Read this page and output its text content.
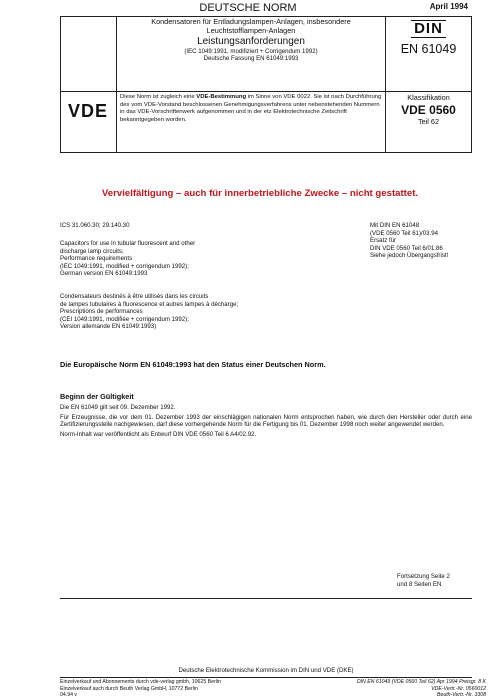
DEUTSCHE NORM	April 1994
Kondensatoren für Entladungslampen-Anlagen, insbesondere
Leuchtstofflampen-Anlagen
Leistungsanforderungen
(IEC 1049:1991, modifiziert + Corrigendum 1992)
Deutsche Fassung EN 61049:1993
DIN
EN 61049
VDE
Diese Norm ist zugleich eine VDE-Bestimmung im Sinne von VDE 0022. Sie ist nach Durchführung des vom VDE-Vorstand beschlossenen Genehmigungsverfahrens unter nebenstehenden Nummern in das VDE-Vorschriftenwerk aufgenommen und in der etz Elektrotechnische Zeitschrift bekanntgegeben worden.
Klassifikation
VDE 0560
Teil 62
Vervielfältigung – auch für innerbetriebliche Zwecke – nicht gestattet.
ICS 31.060.30; 29.140.30	Mit DIN EN 61048
(VDE 0560 Teil 61)/03.94
Ersatz für
DIN VDE 0560 Teil 6/01.86
Siehe jedoch Übergangsfrist!
Capacitors for use in tubular fluorescent and other
discharge lamp circuits;
Performance requirements
(IEC 1049:1991, modified + corrigendum 1992);
German version EN 61049:1993
Condensateurs destinés à être utilisés dans les circuits
de lampes tubulaires à fluorescence et autres lampes à décharge;
Prescriptions de performances
(CEI 1049:1991, modifiée + corrigendum 1992);
Version allemande EN 61049:1993)
Die Europäische Norm EN 61049:1993 hat den Status einer Deutschen Norm.
Beginn der Gültigkeit
Die EN 61049 gilt seit 09. Dezember 1992.
Für Erzeugnisse, die vor dem 01. Dezember 1993 der einschlägigen nationalen Norm entsprochen haben, wie durch den Hersteller oder durch eine Zertifizierungsstelle nachgewiesen, darf diese vorhergehende Norm für die Fertigung bis 01. Dezember 1998 noch weiter angewendet werden.
Norm-Inhalt war veröffentlicht als Entwurf DIN VDE 0560 Teil 6 A4/02.92.
Fortsetzung Seite 2
und 8 Seiten EN
Deutsche Elektrotechnische Kommission im DIN und VDE (DKE)
Einzelverkauf und Abonnements durch vde-verlag gmbh, 10625 Berlin
Einzelverkauf auch durch Beuth Verlag GmbH, 10772 Berlin
04.94 v
DIN EN 61049 (VDE 0560 Teil 62) Apr 1994 Preisgr. 8 K
VDE-Vertr.-Nr. 0560012
Beuth-Vertr.-Nr. 3308
